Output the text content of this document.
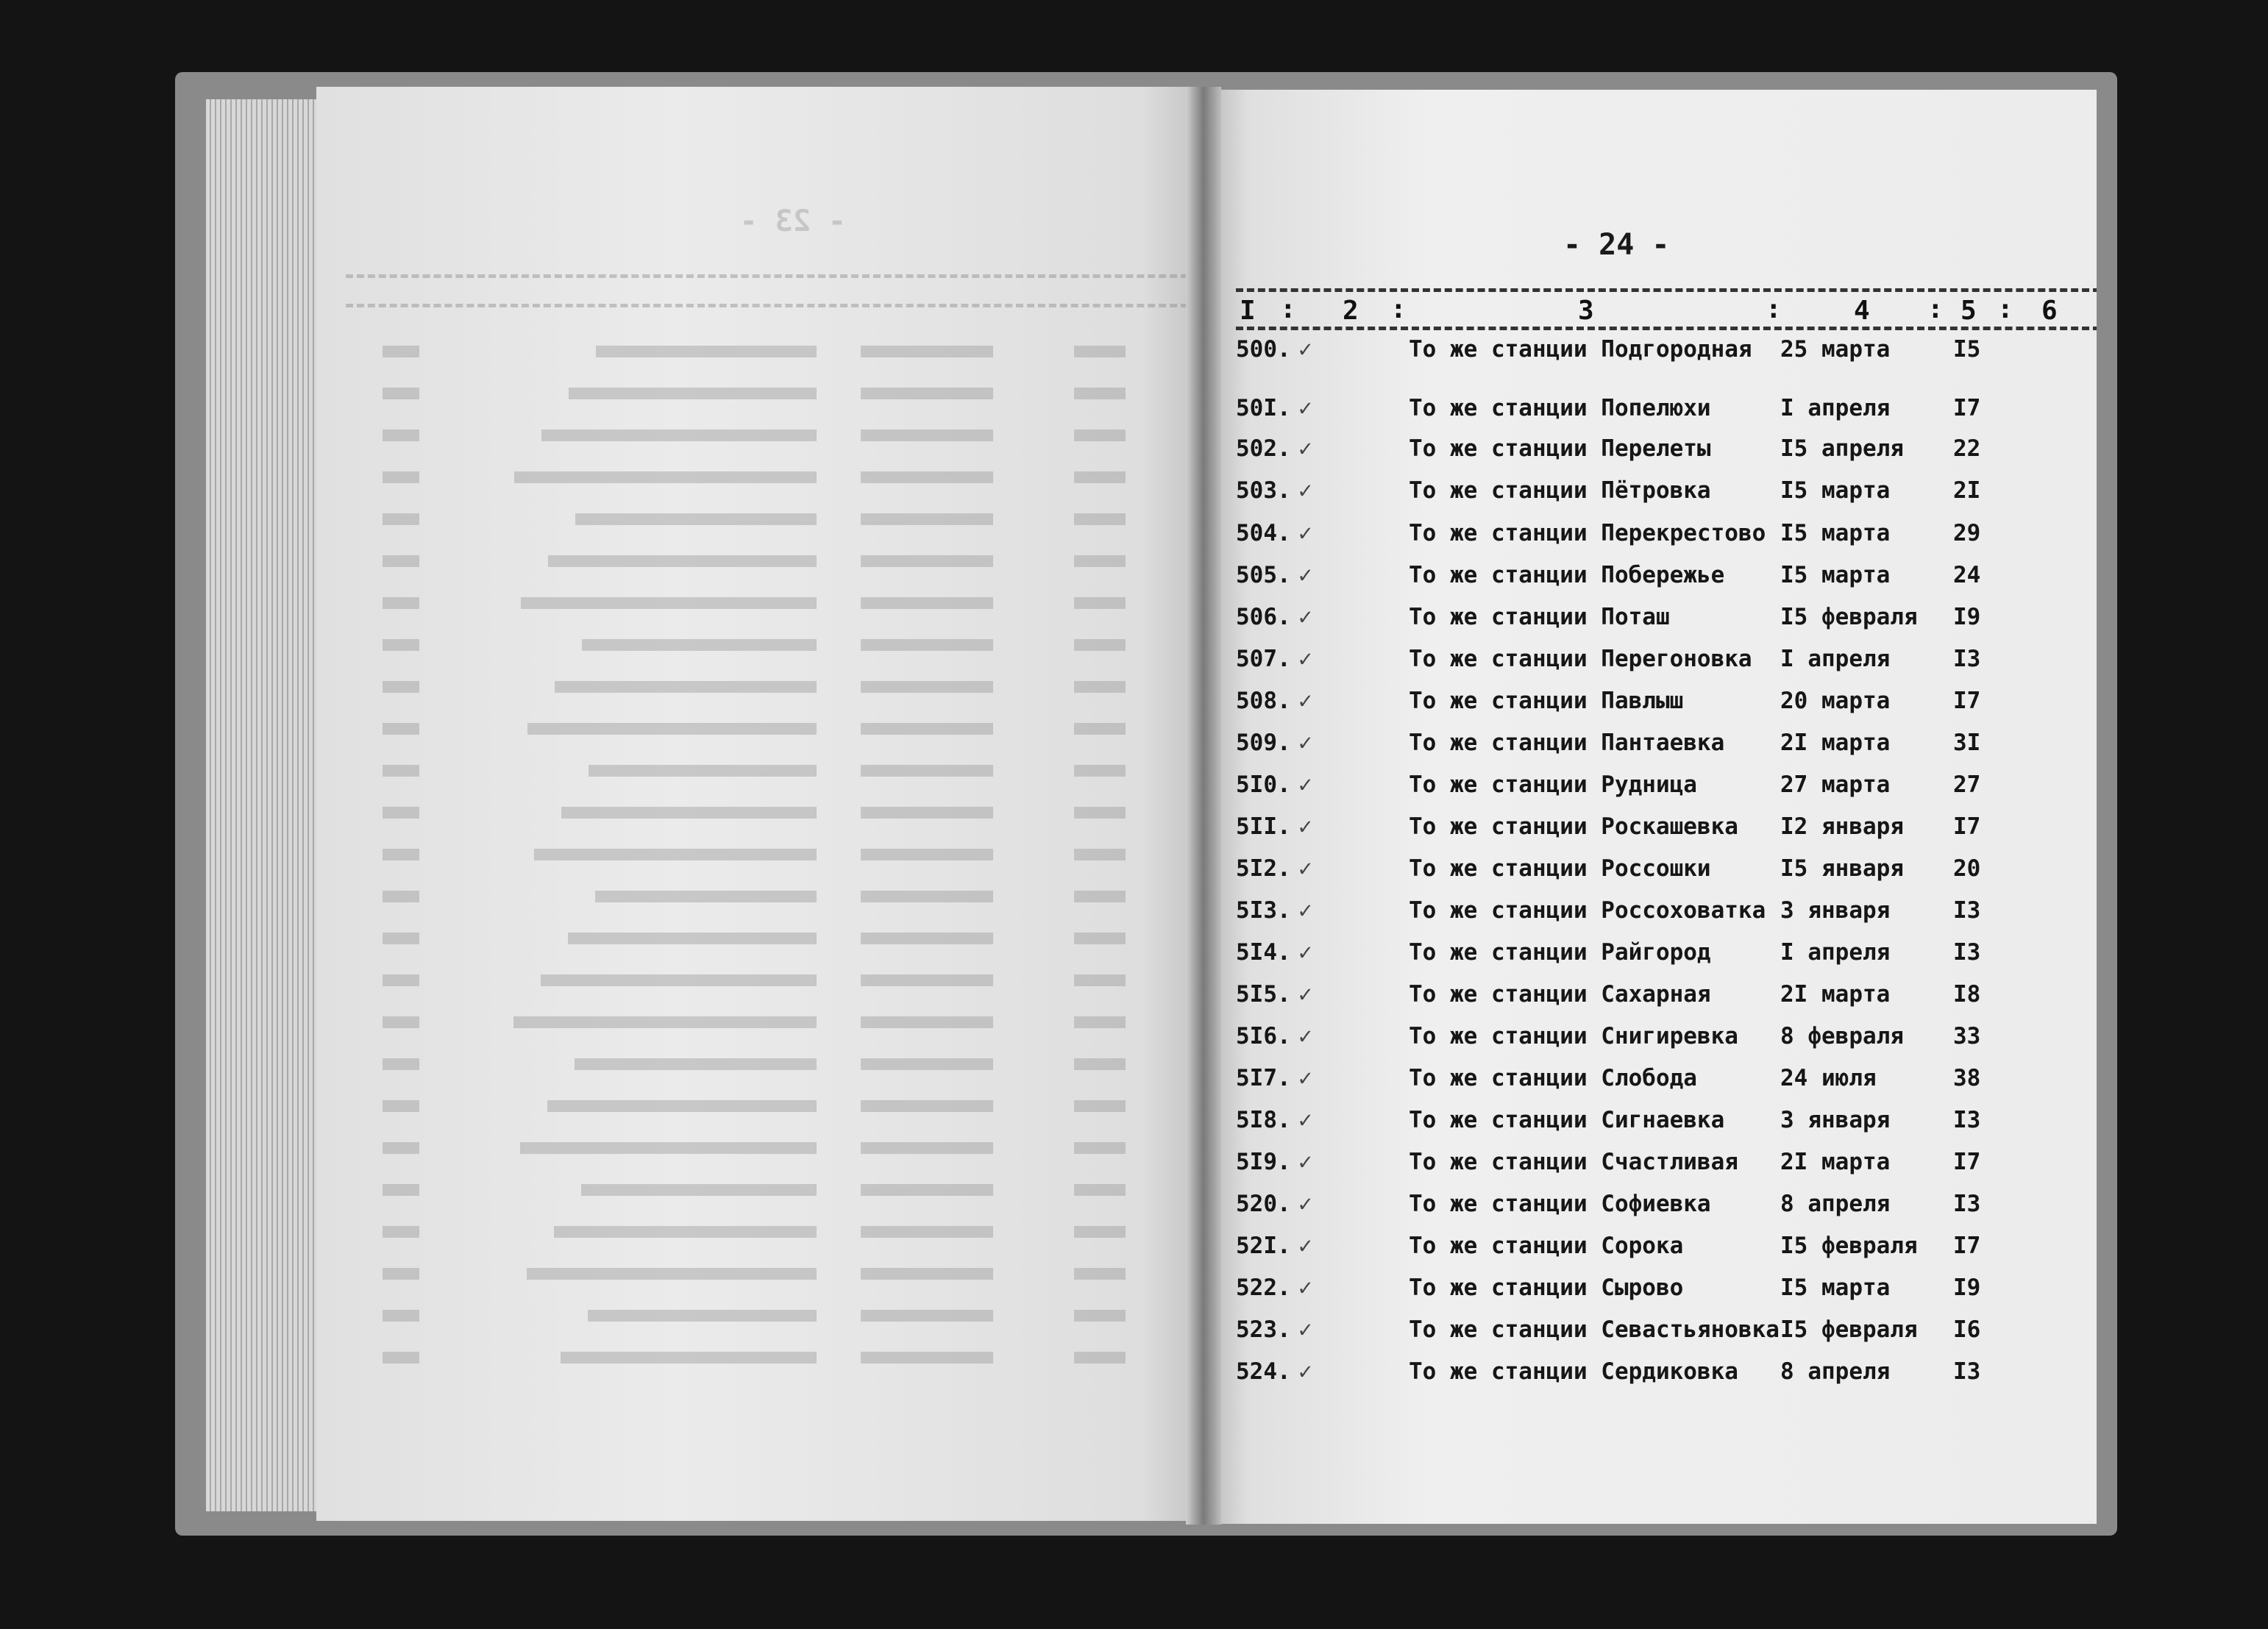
- 23 -
- 24 -
I : 2 :	3	:	4 : 5 : 6
500. ✓	То же станции Подгородная 25 марта	I5
50I. ✓	То же станции Попелюхи	I апреля	I7
502. ✓	То же станции Перелеты	I5 апреля 22
503. ✓	То же станции Пётровка	I5 марта	2I
504. ✓	То же станции Перекрестово I5 марта	29
505. ✓	То же станции Побережье I5 марта	24
506. ✓	То же станции Поташ	I5 февраля I9
507. ✓	То же станции Перегоновка I апреля	I3
508. ✓	То же станции Павлыш	20 марта	I7
509. ✓	То же станции Пантаевка 2I марта	3I
5I0. ✓	То же станции Рудница	27 марта	27
5II. ✓	То же станции Роскашевка I2 января I7
5I2. ✓	То же станции Россошки	I5 января 20
5I3. ✓	То же станции Россоховатка 3 января	I3
5I4. ✓	То же станции Райгород	I апреля	I3
5I5. ✓	То же станции Сахарная	2I марта	I8
5I6. ✓	То же станции Снигиревка 8 февраля 33
5I7. ✓	То же станции Слобода	24 июля	38
5I8. ✓	То же станции Сигнаевка 3 января	I3
5I9. ✓	То же станции Счастливая 2I марта	I7
520. ✓	То же станции Софиевка	8 апреля	I3
52I. ✓	То же станции Сорока	I5 февраля I7
522. ✓	То же станции Сырово	I5 марта	I9
523. ✓	То же станции Севастьяновка I5 февраля I6
524. ✓	То же станции Сердиковка 8 апреля	I3
